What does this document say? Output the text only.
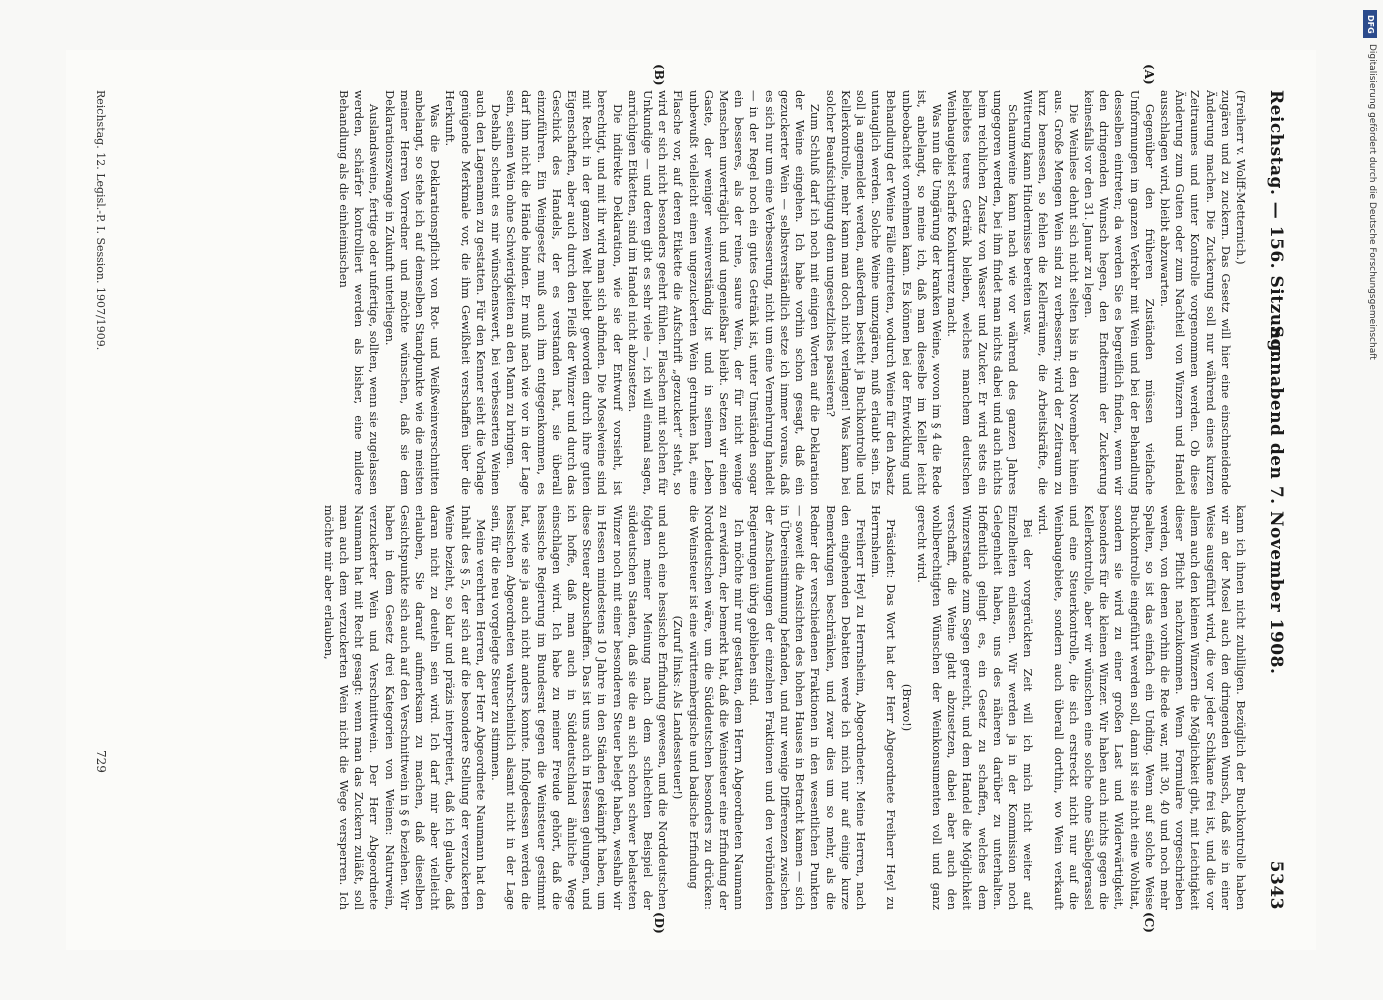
Reichstag. — 156. Sitzung.
Sonnabend den 7. November 1908.
5343
(A)
(B)
(C)
(D)

(Freiherr v. Wolff-Metternich.)

zugären und zu zuckern. Das Gesetz will hier eine einschneidende Änderung machen. Die Zuckerung soll nur während eines kurzen Zeitraumes und unter Kontrolle vorgenommen werden. Ob diese Änderung zum Guten oder zum Nachteil von Winzern und Handel ausschlagen wird, bleibt abzuwarten.

Gegenüber den früheren Zuständen müssen vielfache Umformungen im ganzen Verkehr mit Wein und bei der Behandlung desselben eintreten; da werden Sie es begreiflich finden, wenn wir den dringenden Wunsch hegen, den Endtermin der Zuckerung keinesfalls vor den 31. Januar zu legen.

Die Weinlese dehnt sich nicht selten bis in den November hinein aus. Große Mengen Wein sind zu verbessern; wird der Zeitraum zu kurz bemessen, so fehlen die Kellerräume, die Arbeitskräfte, die Witterung kann Hindernisse bereiten usw.

Schaumweine kann nach wie vor während des ganzen Jahres umgegoren werden, bei ihm findet man nichts dabei und auch nichts beim reichlichen Zusatz von Wasser und Zucker. Er wird stets ein beliebtes teures Getränk bleiben, welches manchem deutschen Weinbaugebiet scharfe Konkurrenz macht.

Was nun die Umgärung der kranken Weine, wovon im § 4 die Rede ist, anbelangt, so meine ich, daß man dieselbe im Keller leicht unbeobachtet vornehmen kann. Es können bei der Entwicklung und Behandlung der Weine Fälle eintreten, wodurch Weine für den Absatz untauglich werden. Solche Weine umzugären, muß erlaubt sein. Es soll ja angemeldet werden, außerdem besteht ja Buchkontrolle und Kellerkontrolle, mehr kann man doch nicht verlangen! Was kann bei solcher Beaufsichtigung denn ungesetzliches passieren?

Zum Schluß darf ich noch mit einigen Worten auf die Deklaration der Weine eingehen. Ich habe vorhin schon gesagt, daß ein gezuckerter Wein — selbstverständlich setze ich immer voraus, daß es sich nur um eine Verbesserung, nicht um eine Vermehrung handelt — in der Regel noch ein gutes Getränk ist, unter Umständen sogar ein besseres, als der reine, saure Wein, der für nicht wenige Menschen unverträglich und ungenießbar bleibt. Setzen wir einen Gaste, der weniger weinverständig ist und in seinem Leben unbewußt vielleicht einen ungezuckerten Wein getrunken hat, eine Flasche vor, auf deren Etikette die Aufschrift „gezuckert“ steht, so wird er sich nicht besonders geehrt fühlen. Flaschen mit solchen für Unkundige — und deren gibt es sehr viele —, ich will einmal sagen, anrüchigen Etiketten, sind im Handel nicht abzusetzen.

Die indirekte Deklaration, wie sie der Entwurf vorsieht, ist berechtigt, und mit ihr wird man sich abfinden. Die Moselweine sind mit Recht in der ganzen Welt beliebt geworden durch ihre guten Eigenschaften, aber auch durch den Fleiß der Winzer und durch das Geschick des Handels, der es verstanden hat, sie überall einzuführen. Ein Weingesetz muß auch ihm entgegenkommen, es darf ihm nicht die Hände binden. Er muß nach wie vor in der Lage sein, seinen Wein ohne Schwierigkeiten an den Mann zu bringen.

Deshalb scheint es mir wünschenswert, bei verbesserten Weinen auch den Lagenamen zu gestatten. Für den Kenner sieht die Vorlage genügende Merkmale vor, die ihm Gewißheit verschaffen über die Herkunft.

Was die Deklarationspflicht von Rot- und Weißweinverschnitten anbelangt, so stehe ich auf demselben Standpunkte wie die meisten meiner Herren Vorredner und möchte wünschen, daß sie dem Deklarationszwange in Zukunft unterliegen.

Auslandsweine, fertige oder unfertige, sollten, wenn sie zugelassen werden, schärfer kontrolliert werden als bisher, eine mildere Behandlung als die einheimischen

kann ich ihnen nicht zubilligen. Bezüglich der Buchkontrolle haben wir an der Mosel auch den dringenden Wunsch, daß sie in einer Weise ausgeführt wird, die vor jeder Schikane frei ist, und die vor allem auch den kleinen Winzern die Möglichkeit gibt, mit Leichtigkeit dieser Pflicht nachzukommen. Wenn Formulare vorgeschrieben werden, von denen vorhin die Rede war, mit 30, 40 und noch mehr Spalten, so ist das einfach ein Unding. Wenn auf solche Weise Buchkontrolle eingeführt werden soll, dann ist sie nicht eine Wohltat, sondern sie wird zu einer großen Last und Widerwärtigkeit, besonders für die kleinen Winzer. Wir haben auch nichts gegen die Kellerkontrolle, aber wir wünschen eine solche ohne Säbelgerassel und eine Steuerkontrolle, die sich erstreckt nicht nur auf die Weinbaugebiete, sondern auch überall dorthin, wo Wein verkauft wird.

Bei der vorgerückten Zeit will ich mich nicht weiter auf Einzelheiten einlassen. Wir werden ja in der Kommission noch Gelegenheit haben, uns des näheren darüber zu unterhalten. Hoffentlich gelingt es, ein Gesetz zu schaffen, welches dem Winzerstande zum Segen gereicht, und dem Handel die Möglichkeit verschafft, die Weine glatt abzusetzen, dabei aber auch den wohlberechtigten Wünschen der Weinkonsumenten voll und ganz gerecht wird.

(Bravo!)

Präsident: Das Wort hat der Herr Abgeordnete Freiherr Heyl zu Herrnsheim.

Freiherr Heyl zu Herrnsheim, Abgeordneter: Meine Herren, nach den eingehenden Debatten werde ich mich nur auf einige kurze Bemerkungen beschränken, und zwar dies um so mehr, als die Redner der verschiedenen Fraktionen in den wesentlichen Punkten — soweit die Ansichten des hohen Hauses in Betracht kamen — sich in Übereinstimmung befanden, und nur wenige Differenzen zwischen der Anschauungen der einzelnen Fraktionen und den verbündeten Regierungen übrig geblieben sind.

Ich möchte mir nur gestatten, dem Herrn Abgeordneten Naumann zu erwidern, der bemerkt hat, daß die Weinsteuer eine Erfindung der Norddeutschen wäre, um die Süddeutschen besonders zu drücken: die Weinsteuer ist eine württembergische und badische Erfindung

(Zuruf links: Als Landessteuer!)

und auch eine hessische Erfindung gewesen, und die Norddeutschen folgten meiner Meinung nach dem schlechten Beispiel der süddeutschen Staaten, daß sie die an sich schon schwer belasteten Winzer noch mit einer besonderen Steuer belegt haben, weshalb wir in Hessen mindestens 10 Jahre in den Ständen gekämpft haben, um diese Steuer abzuschaffen. Das ist uns auch in Hessen gelungen, und ich hoffe, daß man auch in Süddeutschland ähnliche Wege einschlagen wird. Ich habe zu meiner Freude gehört, daß die hessische Regierung im Bundesrat gegen die Weinsteuer gestimmt hat, wie sie ja auch nicht anders konnte. Infolgedessen werden die hessischen Abgeordneten wahrscheinlich alsamt nicht in der Lage sein, für die neu vorgelegte Steuer zu stimmen.

Meine verehrten Herren, der Herr Abgeordnete Naumann hat den Inhalt des § 5, der sich auf die besondere Stellung der verzuckerten Weine bezieht, so klar und präzis interpretiert, daß ich glaube, daß daran nicht zu deuteln sein wird. Ich darf mir aber vielleicht erlauben, Sie darauf aufmerksam zu machen, daß dieselben Gesichtspunkte sich auch auf den Verschnittwein in § 6 beziehen. Wir haben in dem Gesetz drei Kategorien von Weinen: Naturwein, verzuckerter Wein und Verschnittwein. Der Herr Abgeordnete Naumann hat mit Recht gesagt: wenn man das Zuckern zuläßt, soll man auch dem verzuckerten Wein nicht die Wege versperren. Ich möchte mir aber erlauben,

Reichstag. 12. Legisl.-P. I. Session. 1907/1909.
729
DFG
Digitalisierung gefördert durch die Deutsche Forschungsgemeinschaft
